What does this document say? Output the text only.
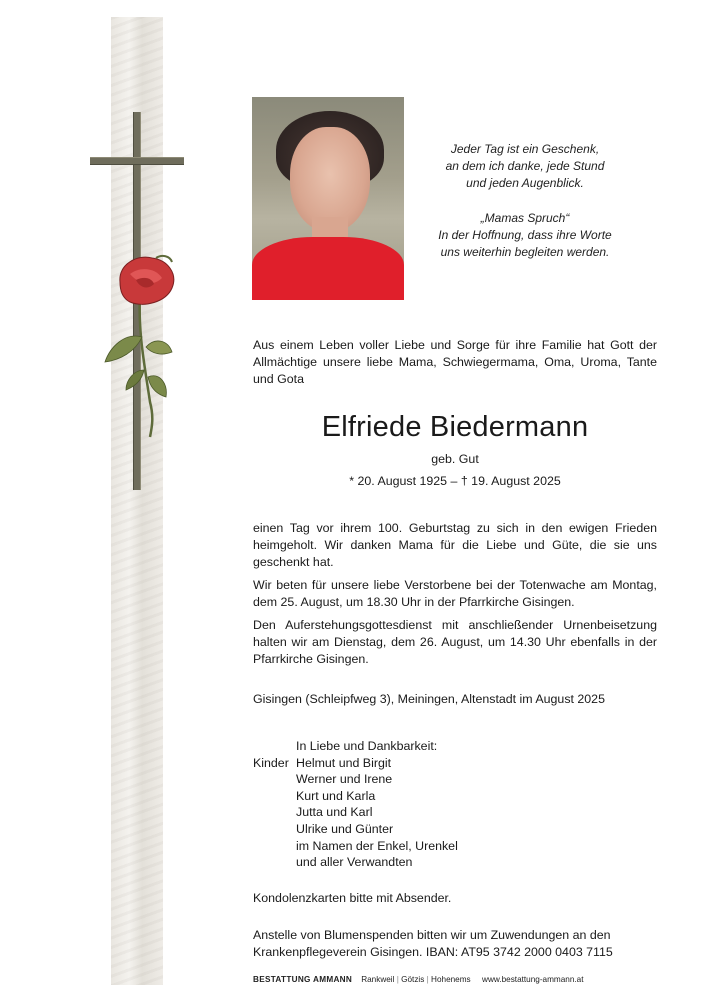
Jeder Tag ist ein Geschenk,

an dem ich danke, jede Stund

und jeden Augenblick.

„Mamas Spruch“

In der Hoffnung, dass ihre Worte

uns weiterhin begleiten werden.

Aus einem Leben voller Liebe und Sorge für ihre Familie hat Gott der Allmächtige unsere liebe Mama, Schwiegermama, Oma, Uroma, Tante und Gota
Elfriede Biedermann
geb. Gut
* 20. August 1925 – † 19. August 2025

einen Tag vor ihrem 100. Geburtstag zu sich in den ewigen Frieden heimgeholt. Wir danken Mama für die Liebe und Güte, die sie uns geschenkt hat.

Wir beten für unsere liebe Verstorbene bei der Totenwache am Montag, dem 25. August, um 18.30 Uhr in der Pfarrkirche Gisingen.

Den Auferstehungsgottesdienst mit anschließender Urnenbeisetzung halten wir am Dienstag, dem 26. August, um 14.30 Uhr ebenfalls in der Pfarrkirche Gisingen.

Gisingen (Schleipfweg 3), Meiningen, Altenstadt im August 2025
Kinder
In Liebe und Dankbarkeit:
Helmut und Birgit
Werner und Irene
Kurt und Karla
Jutta und Karl
Ulrike und Günter
im Namen der Enkel, Urenkel
und aller Verwandten
Kondolenzkarten bitte mit Absender.
Anstelle von Blumenspenden bitten wir um Zuwendungen an den
Krankenpflegeverein Gisingen. IBAN: AT95 3742 2000 0403 7115
BESTATTUNG AMMANN Rankweil | Götzis | Hohenems www.bestattung-ammann.at
